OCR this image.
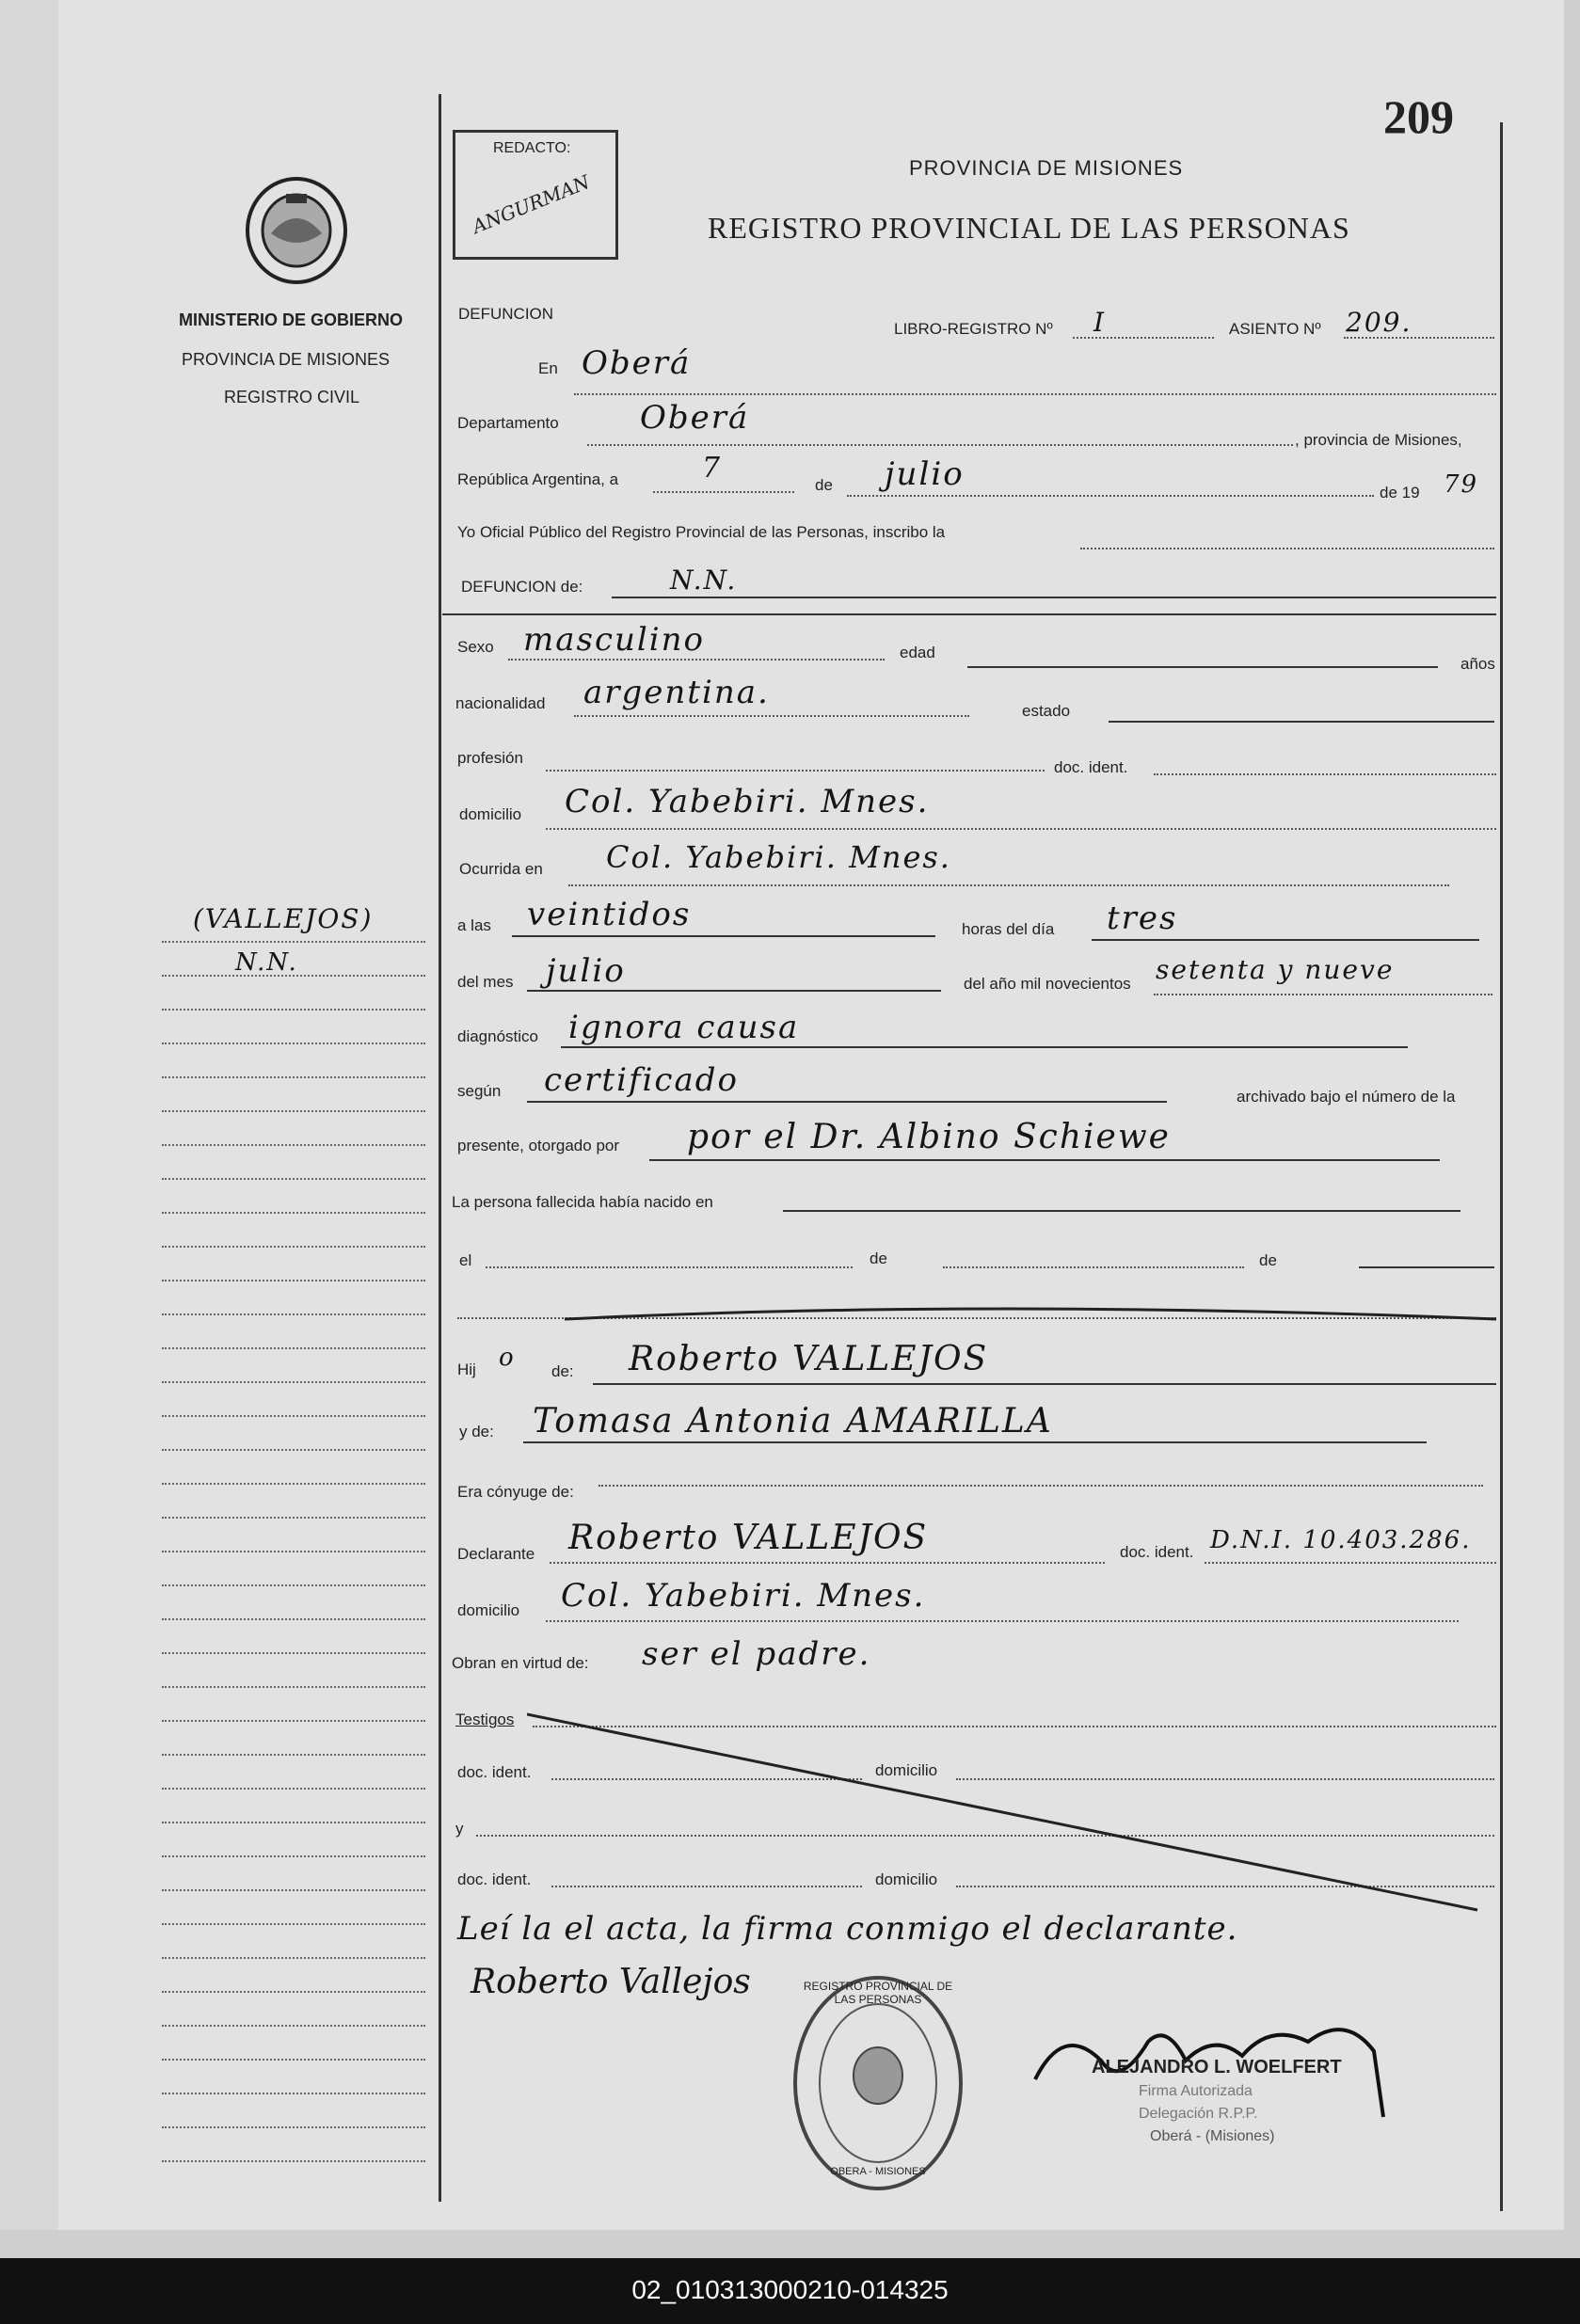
02_010313000210-014325
209
REDACTO:
ANGURMAN
PROVINCIA DE MISIONES
REGISTRO PROVINCIAL DE LAS PERSONAS
MINISTERIO DE GOBIERNO
PROVINCIA DE MISIONES
REGISTRO CIVIL
(VALLEJOS)
N.N.
DEFUNCION
LIBRO-REGISTRO Nº I	ASIENTO Nº 209.
En Oberá
Departamento	Oberá
, provincia de Misiones,
República Argentina, a	7
de julio	de 19 79
Yo Oficial Público del Registro Provincial de las Personas, inscribo la
DEFUNCION de:	N.N.
Sexo masculino	edad
años
nacionalidad argentina.	estado
profesión
doc. ident.
domicilio Col. Yabebiri. Mnes.
Ocurrida en Col. Yabebiri. Mnes.
a las veintidos	horas del día tres
del mes julio	del año mil novecientos setenta y nueve
diagnóstico ignora causa
según certificado	archivado bajo el número de la
presente, otorgado por por el Dr. Albino Schiewe
La persona fallecida había nacido en
el	de	de
Hij o de: Roberto VALLEJOS
y de: Tomasa Antonia AMARILLA
Era cónyuge de:
Declarante Roberto VALLEJOS	doc. ident. D.N.I. 10.403.286.
domicilio Col. Yabebiri. Mnes.
Obran en virtud de: ser el padre.
Testigos
doc. ident.	domicilio
y
doc. ident.	domicilio
Leí la el acta, la firma conmigo el declarante.
Roberto Vallejos	REGISTRO PROVINCIAL DE LAS PERSONAS
OBERA - MISIONES
ALEJANDRO L. WOELFERT
Firma Autorizada
Delegación R.P.P.
Oberá - (Misiones)
